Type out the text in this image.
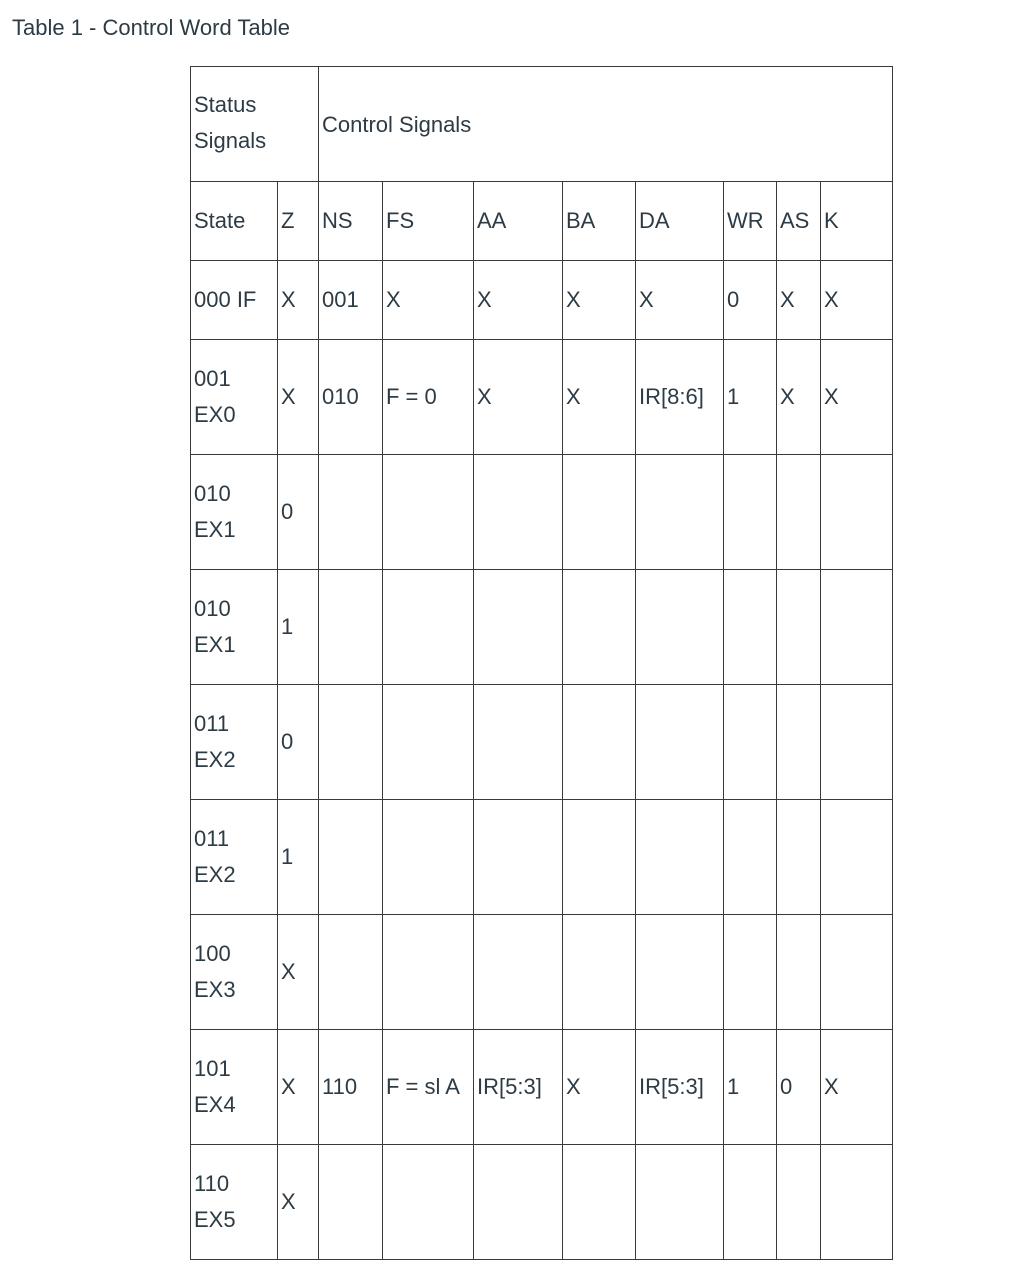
Table 1 - Control Word Table
Status
Signals		Control Signals							
State	Z	NS	FS	AA	BA	DA	WR	AS	K
000 IF	X	001	X	X	X	X	0	X	X

001
EX0	X	010	F = 0	X	X	IR[8:6]	1	X	X

010
EX1	0								

010
EX1	1								

011
EX2	0								

011
EX2	1								

100
EX3	X								

101
EX4	X	110	F = sl A	IR[5:3]	X	IR[5:3]	1	0	X

110
EX5	X								
